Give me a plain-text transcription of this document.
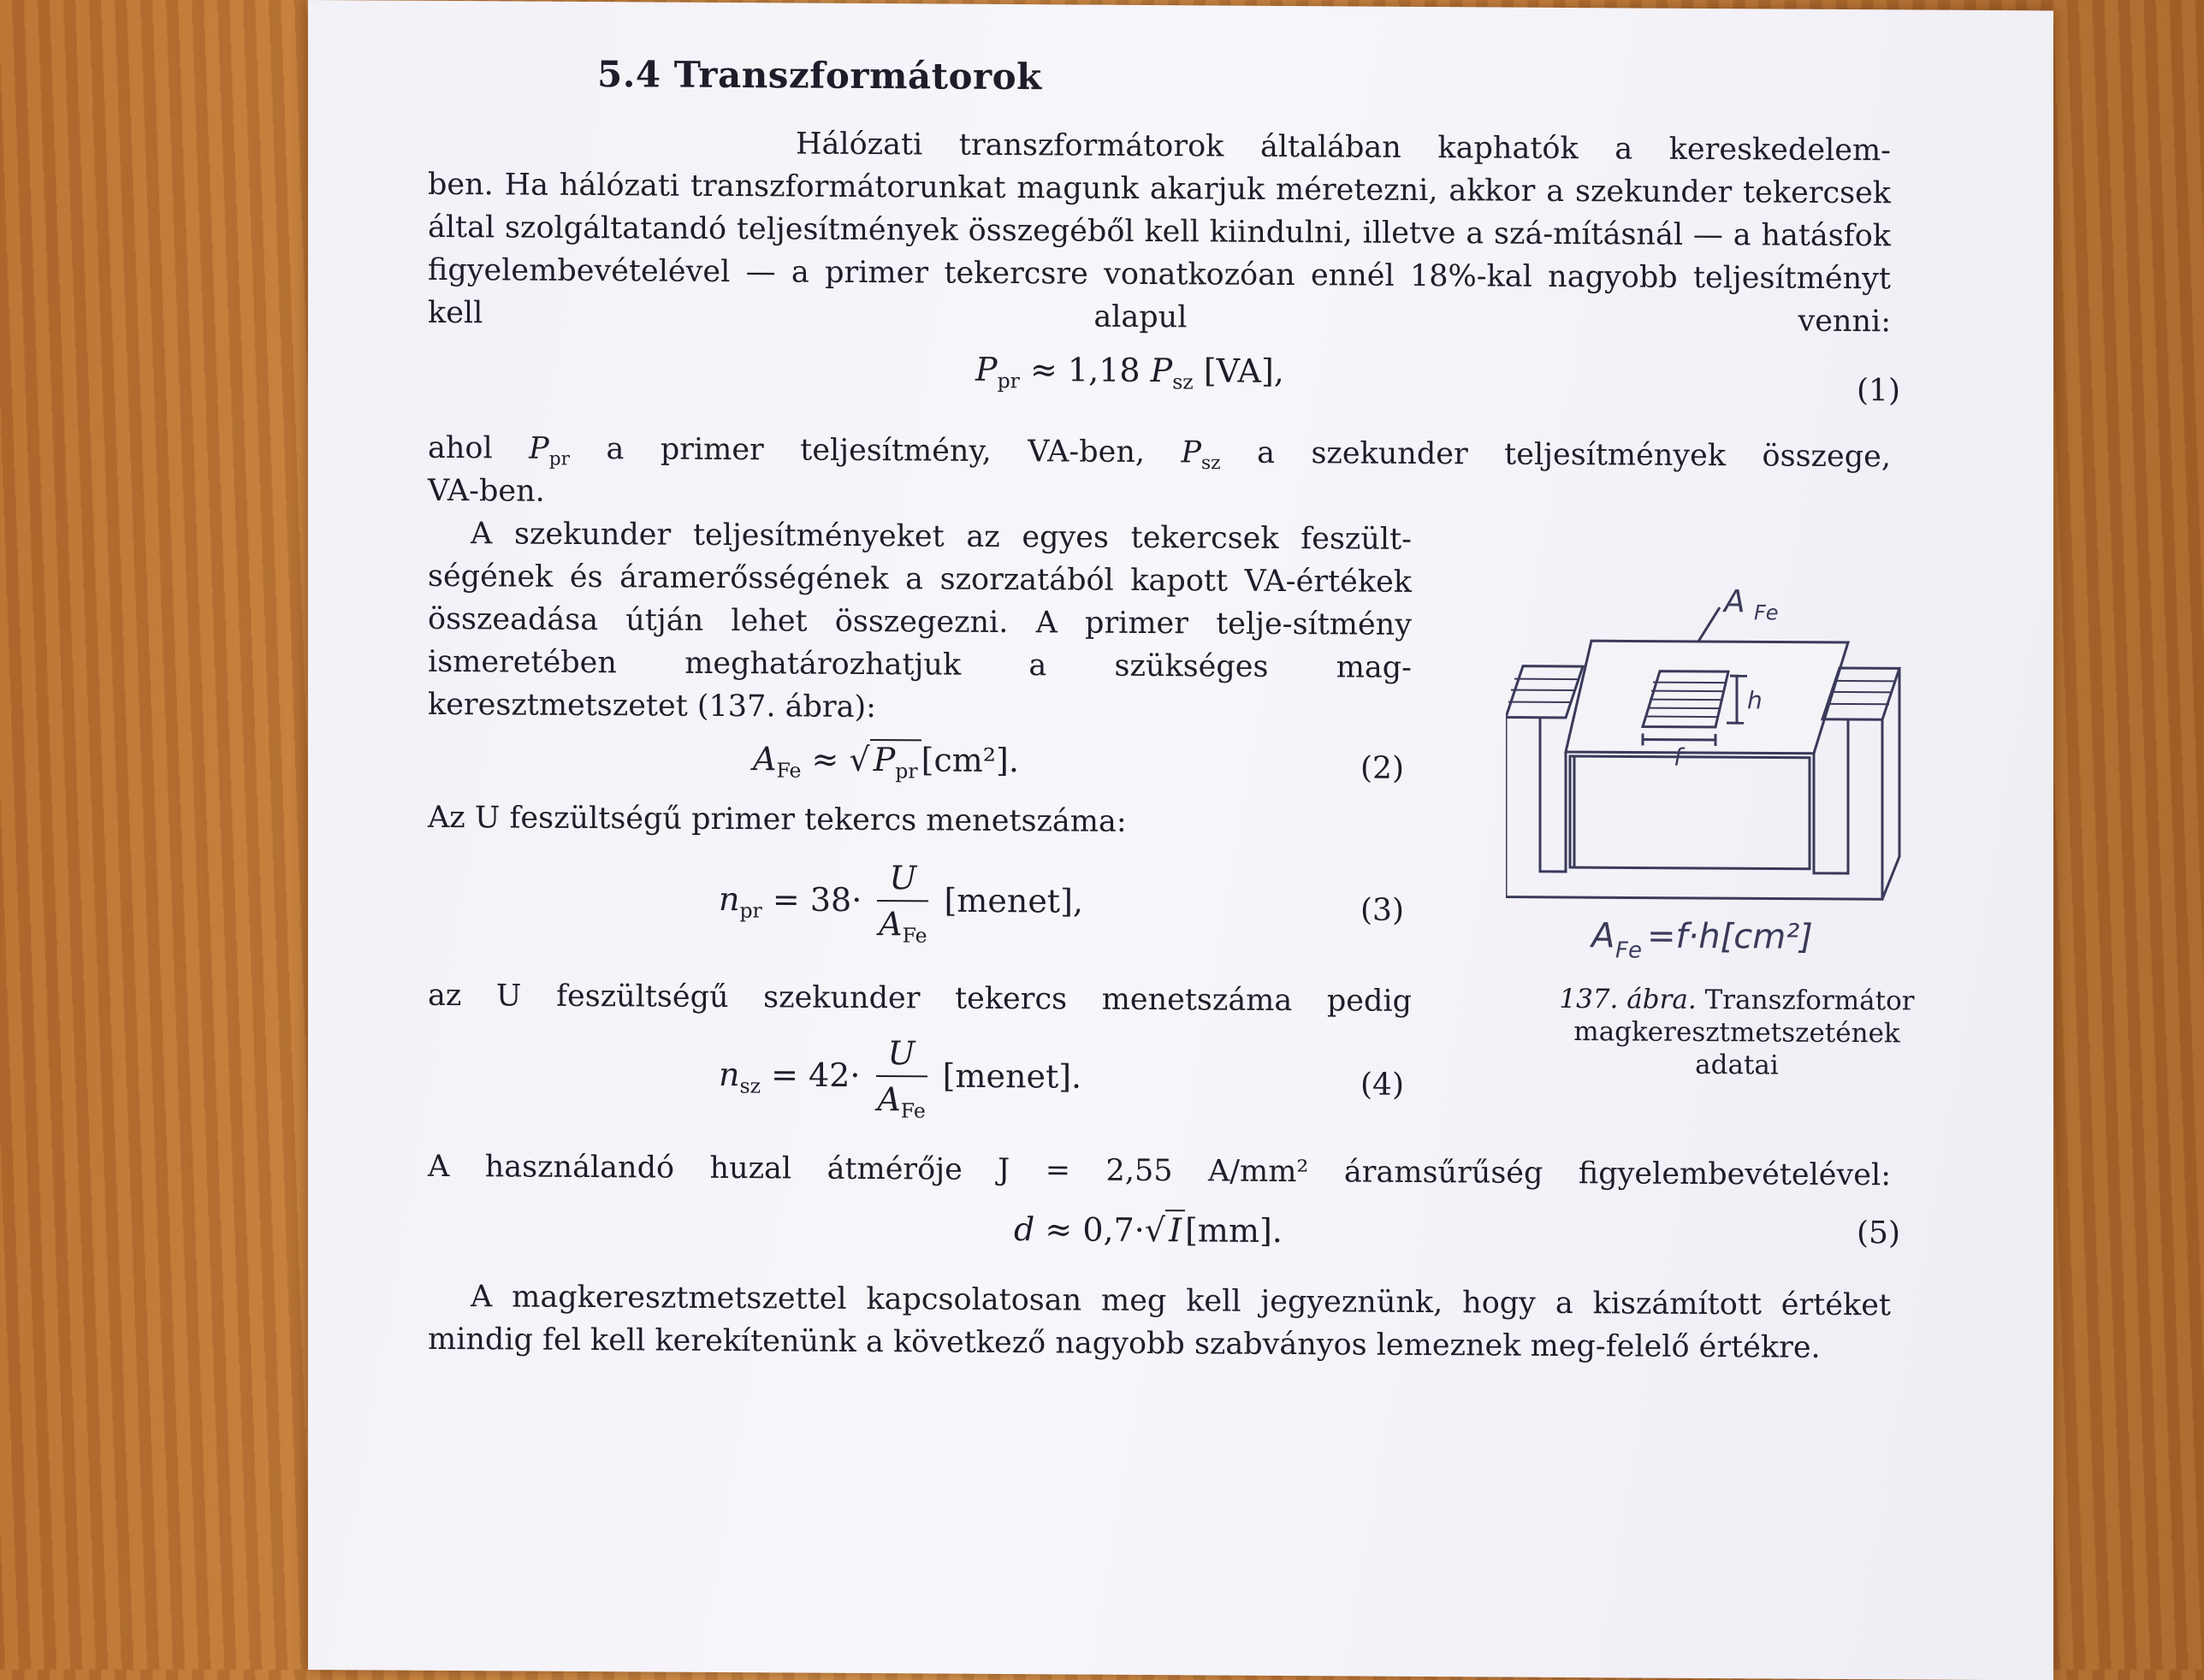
5.4 Transzformátorok
Hálózati transzformátorok általában kaphatók a kereskedelem-
ben. Ha hálózati transzformátorunkat magunk akarjuk méretezni, akkor a szekunder tekercsek által szolgáltatandó teljesítmények összegéből kell kiindulni, illetve a szá-mításnál — a hatásfok figyelembevételével — a primer tekercsre vonatkozóan ennél 18%-kal nagyobb teljesítményt kell alapul venni:
$P_{pr} \approx 1,18$ $P_{sz}$ [VA],
(1)
ahol $P_{pr}$ a primer teljesítmény, VA-ben, $P_{sz}$ a szekunder teljesítmények összege,
VA-ben.
A szekunder teljesítményeket az egyes tekercsek feszült-ségének és áramerősségének a szorzatából kapott VA-értékek összeadása útján lehet összegezni. A primer telje-sítmény ismeretében meghatározhatjuk a szükséges mag-keresztmetszetet (137. ábra):
$A_{Fe}$ ≈ √ $P_{pr}$ [cm²].	(2)
Az U feszültségű primer tekercs menetszáma:
$n_{pr} = 38\cdot \frac{U}{A_{Fe}}$ [menet],	(3)
az U feszültségű szekunder tekercs menetszáma pedig
$n_{sz} = 42\cdot \frac{U}{A_{Fe}}$ [menet].	(4)
A használandó huzal átmérője J = 2,55 A/mm² áramsűrűség figyelembevételével:
d ≈ 0,7·√ I [mm].	(5)
A magkeresztmetszettel kapcsolatosan meg kell jegyeznünk, hogy a kiszámított értéket mindig fel kell kerekítenünk a következő nagyobb szabványos lemeznek meg-felelő értékre.
A Fe
h
f
A Fe =f·h[cm²]
137. ábra. Transzformátor
magkeresztmetszetének
adatai
